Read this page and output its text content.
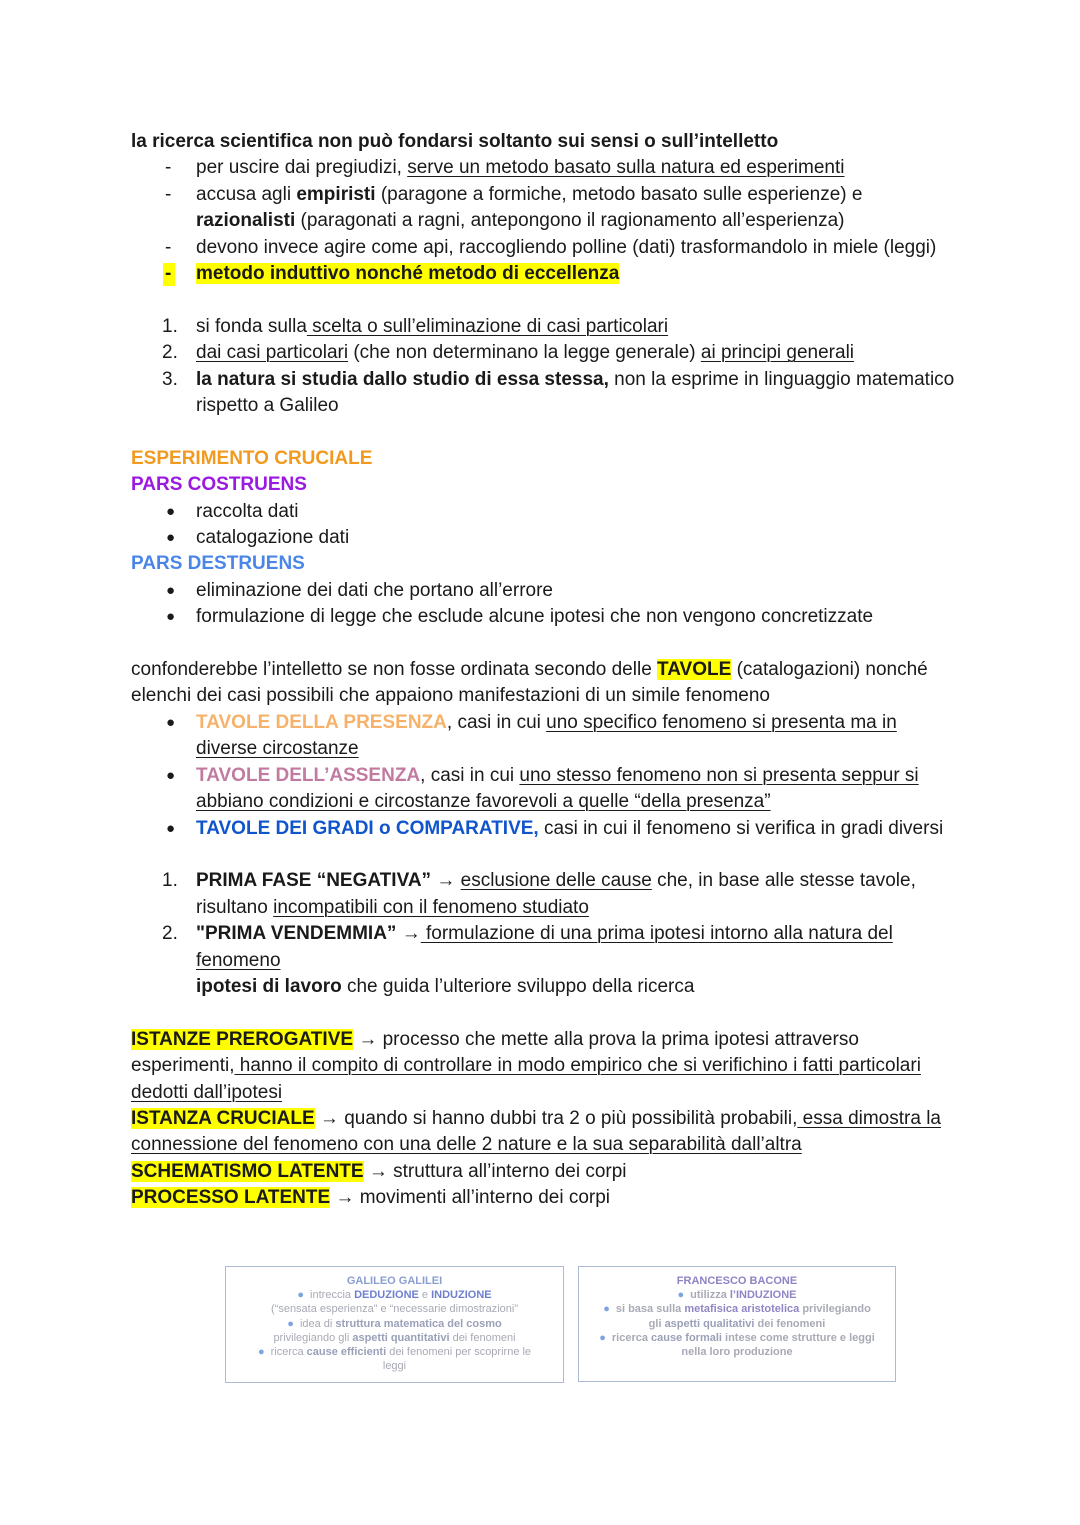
la ricerca scientifica non può fondarsi soltanto sui sensi o sull’intelletto

-	per uscire dai pregiudizi, serve un metodo basato sulla natura ed esperimenti
-	accusa agli empiristi (paragone a formiche, metodo basato sulle esperienze) e razionalisti (paragonati a ragni, antepongono il ragionamento all’esperienza)
-	devono invece agire come api, raccogliendo polline (dati) trasformandolo in miele (leggi)
-	metodo induttivo nonché metodo di eccellenza
1. si fonda sulla scelta o sull’eliminazione di casi particolari
2. dai casi particolari (che non determinano la legge generale) ai principi generali
3. la natura si studia dallo studio di essa stessa, non la esprime in linguaggio matematico rispetto a Galileo

ESPERIMENTO CRUCIALE

PARS COSTRUENS

●	raccolta dati
●	catalogazione dati

PARS DESTRUENS

●	eliminazione dei dati che portano all’errore
●	formulazione di legge che esclude alcune ipotesi che non vengono concretizzate

confonderebbe l’intelletto se non fosse ordinata secondo delle TAVOLE (catalogazioni) nonché elenchi dei casi possibili che appaiono manifestazioni di un simile fenomeno

●	TAVOLE DELLA PRESENZA, casi in cui uno specifico fenomeno si presenta ma in diverse circostanze
●	TAVOLE DELL’ASSENZA, casi in cui uno stesso fenomeno non si presenta seppur si abbiano condizioni e circostanze favorevoli a quelle “della presenza”
●	TAVOLE DEI GRADI o COMPARATIVE, casi in cui il fenomeno si verifica in gradi diversi
1. PRIMA FASE “NEGATIVA” → esclusione delle cause che, in base alle stesse tavole, risultano incompatibili con il fenomeno studiato
2. "PRIMA VENDEMMIA” → formulazione di una prima ipotesi intorno alla natura del fenomeno
ipotesi di lavoro che guida l’ulteriore sviluppo della ricerca

ISTANZE PREROGATIVE → processo che mette alla prova la prima ipotesi attraverso esperimenti, hanno il compito di controllare in modo empirico che si verifichino i fatti particolari dedotti dall’ipotesi

ISTANZA CRUCIALE → quando si hanno dubbi tra 2 o più possibilità probabili, essa dimostra la connessione del fenomeno con una delle 2 nature e la sua separabilità dall’altra

SCHEMATISMO LATENTE → struttura all’interno dei corpi

PROCESSO LATENTE → movimenti all’interno dei corpi

GALILEO GALILEI
● intreccia DEDUZIONE e INDUZIONE
(“sensata esperienza” e “necessarie dimostrazioni”
● idea di struttura matematica del cosmo
privilegiando gli aspetti quantitativi dei fenomeni
● ricerca cause efficienti dei fenomeni per scoprirne le
leggi
FRANCESCO BACONE
● utilizza l’INDUZIONE
● si basa sulla metafisica aristotelica privilegiando
gli aspetti qualitativi dei fenomeni
● ricerca cause formali intese come strutture e leggi
nella loro produzione
